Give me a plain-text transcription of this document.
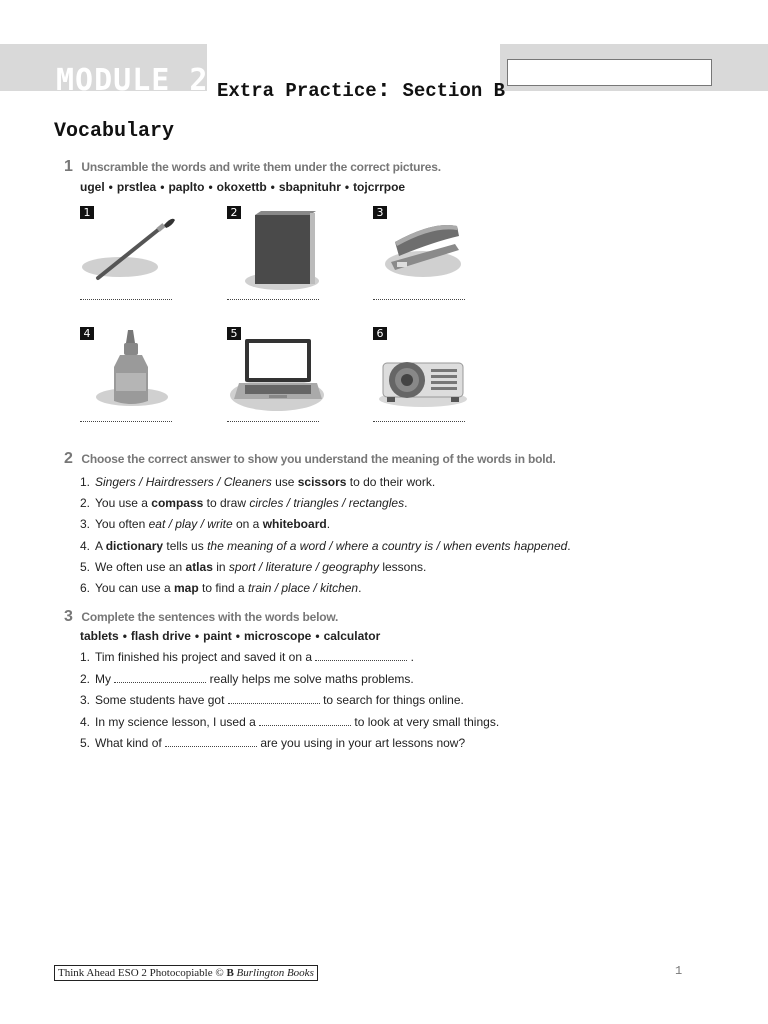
MODULE 2 Extra Practice: Section B
Vocabulary
1 Unscramble the words and write them under the correct pictures.
ugel • prstlea • paplto • okoxettb • sbapnituhr • tojcrrpoe
1	2	3
4	5	6
2 Choose the correct answer to show you understand the meaning of the words in bold.
1. Singers / Hairdressers / Cleaners use scissors to do their work.
2. You use a compass to draw circles / triangles / rectangles.
3. You often eat / play / write on a whiteboard.
4. A dictionary tells us the meaning of a word / where a country is / when events happened.
5. We often use an atlas in sport / literature / geography lessons.
6. You can use a map to find a train / place / kitchen.
3 Complete the sentences with the words below.
tablets • flash drive • paint • microscope • calculator
1. Tim finished his project and saved it on a	.
2. My	really helps me solve maths problems.
3. Some students have got	to search for things online.
4. In my science lesson, I used a	to look at very small things.
5. What kind of	are you using in your art lessons now?
Think Ahead ESO 2 Photocopiable © B Burlington Books	1
